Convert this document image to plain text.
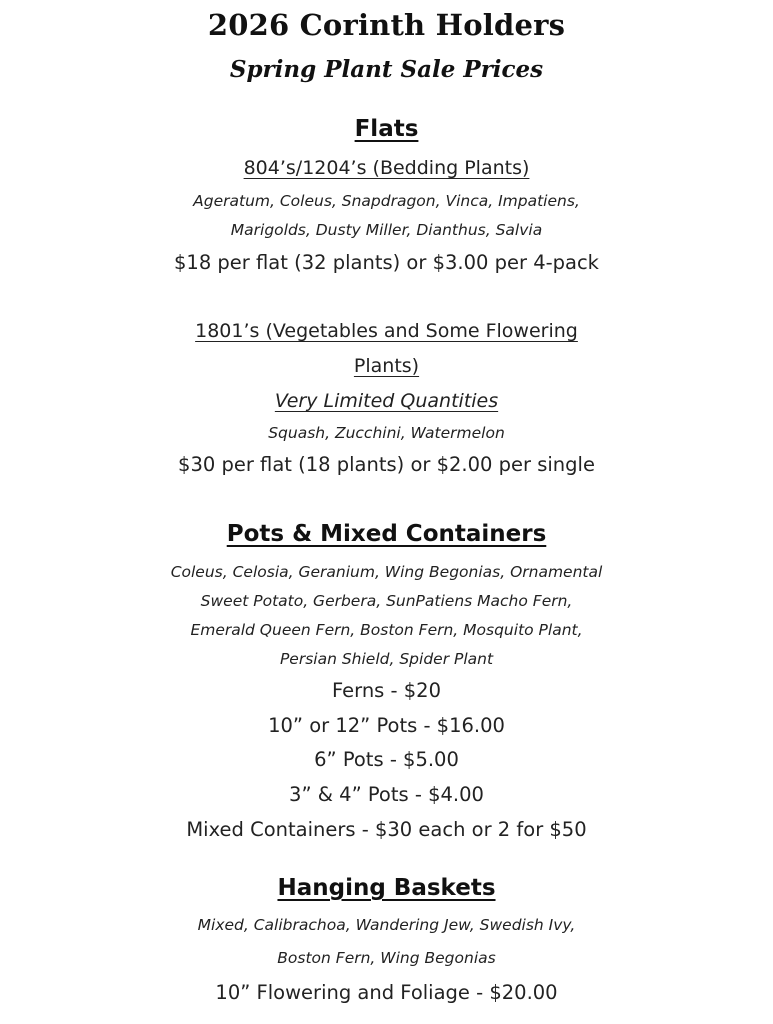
2026 Corinth Holders
Spring Plant Sale Prices
Flats
804’s/1204’s (Bedding Plants)
Ageratum, Coleus, Snapdragon, Vinca, Impatiens,
Marigolds, Dusty Miller, Dianthus, Salvia
$18 per flat (32 plants) or $3.00 per 4-pack
1801’s (Vegetables and Some Flowering
Plants)
Very Limited Quantities
Squash, Zucchini, Watermelon
$30 per flat (18 plants) or $2.00 per single
Pots & Mixed Containers
Coleus, Celosia, Geranium, Wing Begonias, Ornamental
Sweet Potato, Gerbera, SunPatiens Macho Fern,
Emerald Queen Fern, Boston Fern, Mosquito Plant,
Persian Shield, Spider Plant
Ferns - $20
10” or 12” Pots - $16.00
6” Pots - $5.00
3” & 4” Pots - $4.00
Mixed Containers - $30 each or 2 for $50
Hanging Baskets
Mixed, Calibrachoa, Wandering Jew, Swedish Ivy,
Boston Fern, Wing Begonias
10” Flowering and Foliage - $20.00
